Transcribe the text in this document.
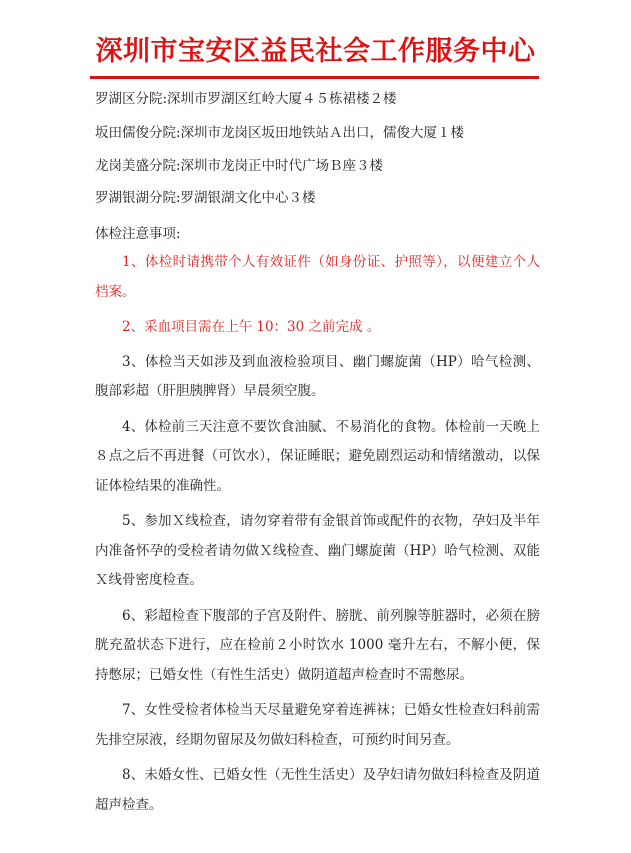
深圳市宝安区益民社会工作服务中心
罗湖区分院:深圳市罗湖区红岭大厦４５栋裙楼２楼
坂田儒俊分院:深圳市龙岗区坂田地铁站Ａ出口，儒俊大厦１楼
龙岗美盛分院:深圳市龙岗正中时代广场Ｂ座３楼
罗湖银湖分院:罗湖银湖文化中心３楼
体检注意事项:

1、体检时请携带个人有效证件（如身份证、护照等），以便建立个人档案。

2、采血项目需在上午 10：30 之前完成 。

3、体检当天如涉及到血液检验项目、幽门螺旋菌（HP）哈气检测、腹部彩超（肝胆胰脾肾）早晨须空腹。

4、体检前三天注意不要饮食油腻、不易消化的食物。体检前一天晚上８点之后不再进餐（可饮水），保证睡眠；避免剧烈运动和情绪激动，以保证体检结果的准确性。

5、参加Ｘ线检查，请勿穿着带有金银首饰或配件的衣物，孕妇及半年内准备怀孕的受检者请勿做Ｘ线检查、幽门螺旋菌（HP）哈气检测、双能Ｘ线骨密度检查。

6、彩超检查下腹部的子宫及附件、膀胱、前列腺等脏器时，必须在膀胱充盈状态下进行，应在检前２小时饮水 1000 毫升左右，不解小便，保持憋尿；已婚女性（有性生活史）做阴道超声检查时不需憋尿。

7、女性受检者体检当天尽量避免穿着连裤袜；已婚女性检查妇科前需先排空尿液，经期勿留尿及勿做妇科检查，可预约时间另查。

8、未婚女性、已婚女性（无性生活史）及孕妇请勿做妇科检查及阴道超声检查。
